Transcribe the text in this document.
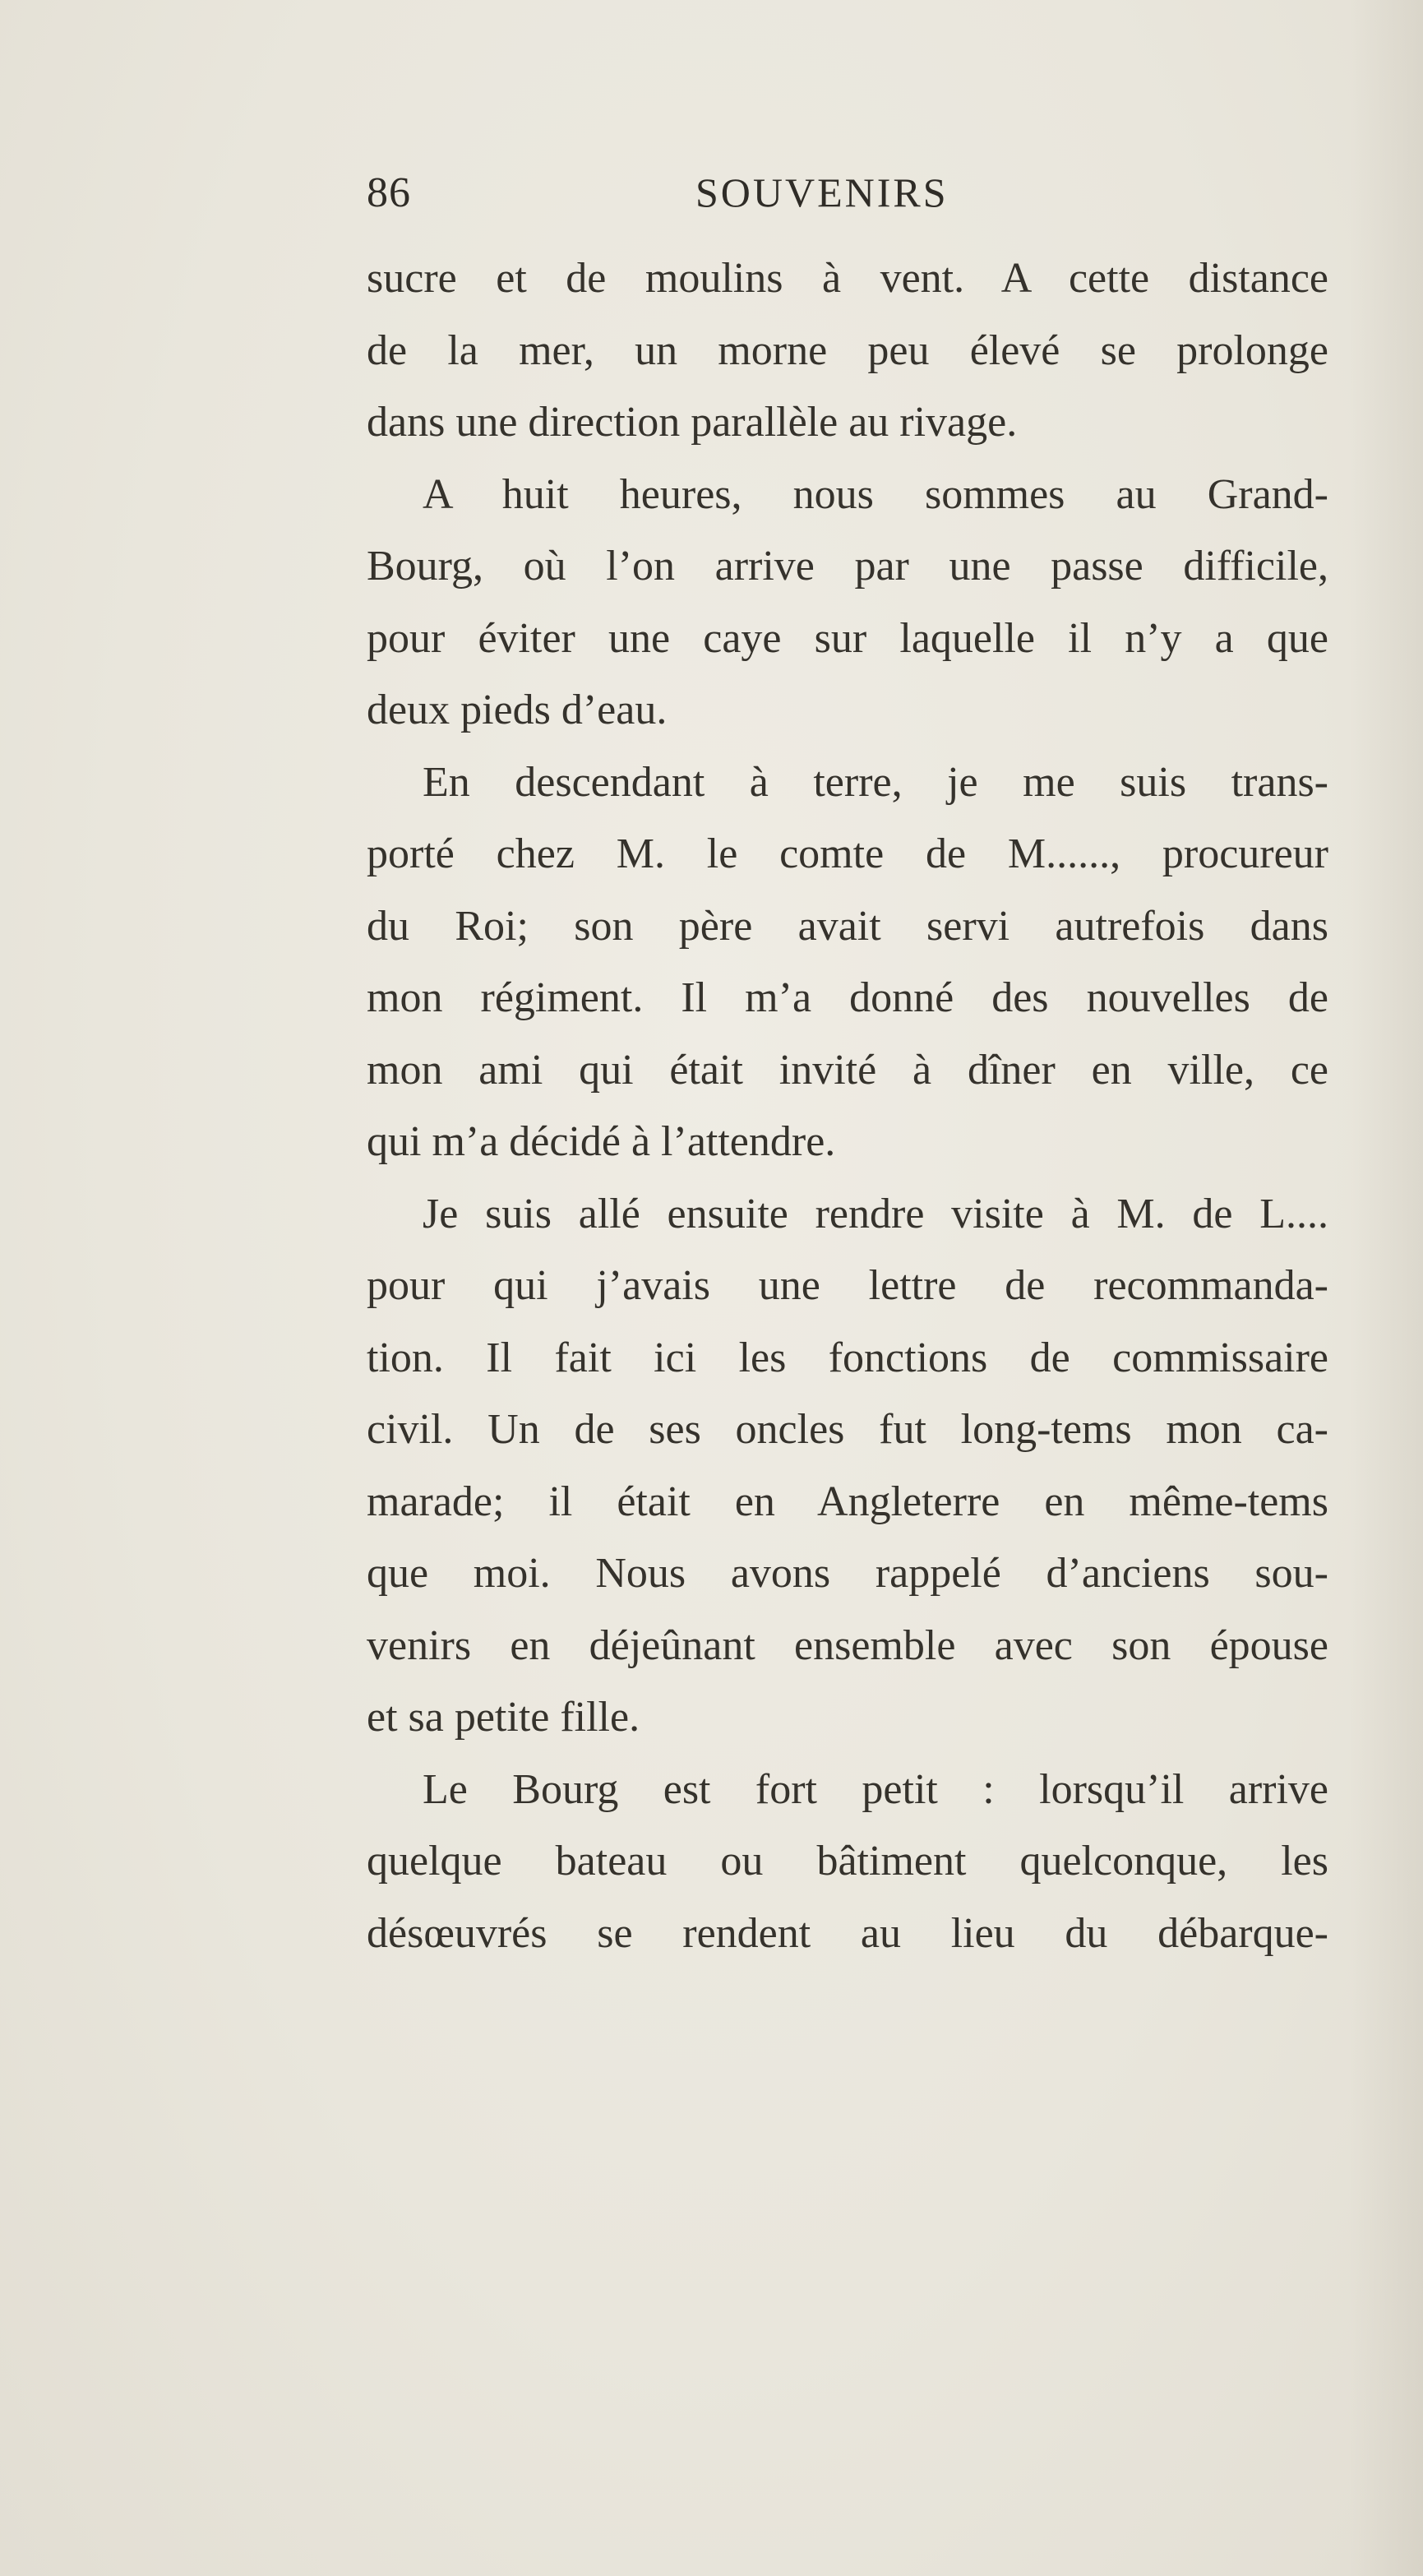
86	SOUVENIRS
sucre et de moulins à vent. A cette distance
de la mer, un morne peu élevé se prolonge
dans une direction parallèle au rivage.
A huit heures, nous sommes au Grand-
Bourg, où l’on arrive par une passe difficile,
pour éviter une caye sur laquelle il n’y a que
deux pieds d’eau.
En descendant à terre, je me suis trans-
porté chez M. le comte de M......, procureur
du Roi; son père avait servi autrefois dans
mon régiment. Il m’a donné des nouvelles de
mon ami qui était invité à dîner en ville, ce
qui m’a décidé à l’attendre.
Je suis allé ensuite rendre visite à M. de L....
pour qui j’avais une lettre de recommanda-
tion. Il fait ici les fonctions de commissaire
civil. Un de ses oncles fut long-tems mon ca-
marade; il était en Angleterre en même-tems
que moi. Nous avons rappelé d’anciens sou-
venirs en déjeûnant ensemble avec son épouse
et sa petite fille.
Le Bourg est fort petit : lorsqu’il arrive
quelque bateau ou bâtiment quelconque, les
désœuvrés se rendent au lieu du débarque-
